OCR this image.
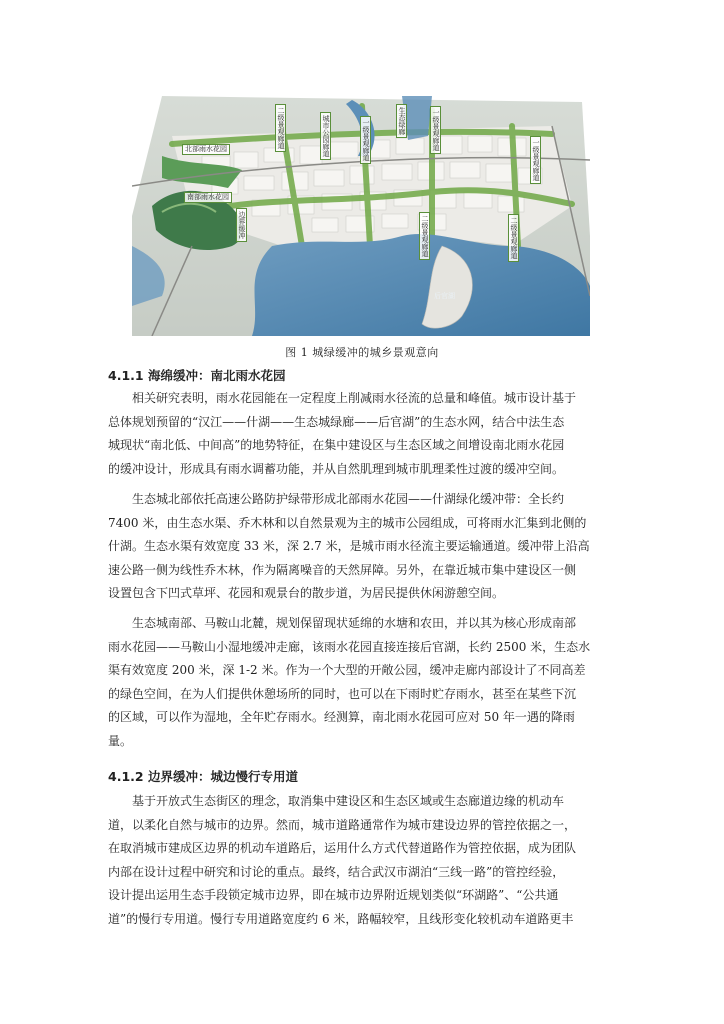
二级景观廊道
北部雨水花园
南部雨水花园
边界缓冲
城市公园廊道	一级景观廊道	生态绿廊	一级景观廊道
一级景观廊道
二级景观廊道	二级景观廊道
后官湖
图 1 城绿缓冲的城乡景观意向
4.1.1 海绵缓冲：南北雨水花园

相关研究表明，雨水花园能在一定程度上削减雨水径流的总量和峰值。城市设计基于
总体规划预留的“汉江——什湖——生态城绿廊——后官湖”的生态水网，结合中法生态
城现状“南北低、中间高”的地势特征，在集中建设区与生态区域之间增设南北雨水花园
的缓冲设计，形成具有雨水调蓄功能，并从自然肌理到城市肌理柔性过渡的缓冲空间。

生态城北部依托高速公路防护绿带形成北部雨水花园——什湖绿化缓冲带：全长约
7400 米，由生态水渠、乔木林和以自然景观为主的城市公园组成，可将雨水汇集到北侧的
什湖。生态水渠有效宽度 33 米，深 2.7 米，是城市雨水径流主要运输通道。缓冲带上沿高
速公路一侧为线性乔木林，作为隔离噪音的天然屏障。另外，在靠近城市集中建设区一侧
设置包含下凹式草坪、花园和观景台的散步道，为居民提供休闲游憩空间。

生态城南部、马鞍山北麓，规划保留现状延绵的水塘和农田，并以其为核心形成南部
雨水花园——马鞍山小湿地缓冲走廊，该雨水花园直接连接后官湖，长约 2500 米，生态水
渠有效宽度 200 米，深 1-2 米。作为一个大型的开敞公园，缓冲走廊内部设计了不同高差
的绿色空间，在为人们提供休憩场所的同时，也可以在下雨时贮存雨水，甚至在某些下沉
的区域，可以作为湿地，全年贮存雨水。经测算，南北雨水花园可应对 50 年一遇的降雨
量。

4.1.2 边界缓冲：城边慢行专用道

基于开放式生态街区的理念，取消集中建设区和生态区域或生态廊道边缘的机动车
道，以柔化自然与城市的边界。然而，城市道路通常作为城市建设边界的管控依据之一，
在取消城市建成区边界的机动车道路后，运用什么方式代替道路作为管控依据，成为团队
内部在设计过程中研究和讨论的重点。最终，结合武汉市湖泊“三线一路”的管控经验，
设计提出运用生态手段锁定城市边界，即在城市边界附近规划类似“环湖路”、“公共通
道”的慢行专用道。慢行专用道路宽度约 6 米，路幅较窄，且线形变化较机动车道路更丰
